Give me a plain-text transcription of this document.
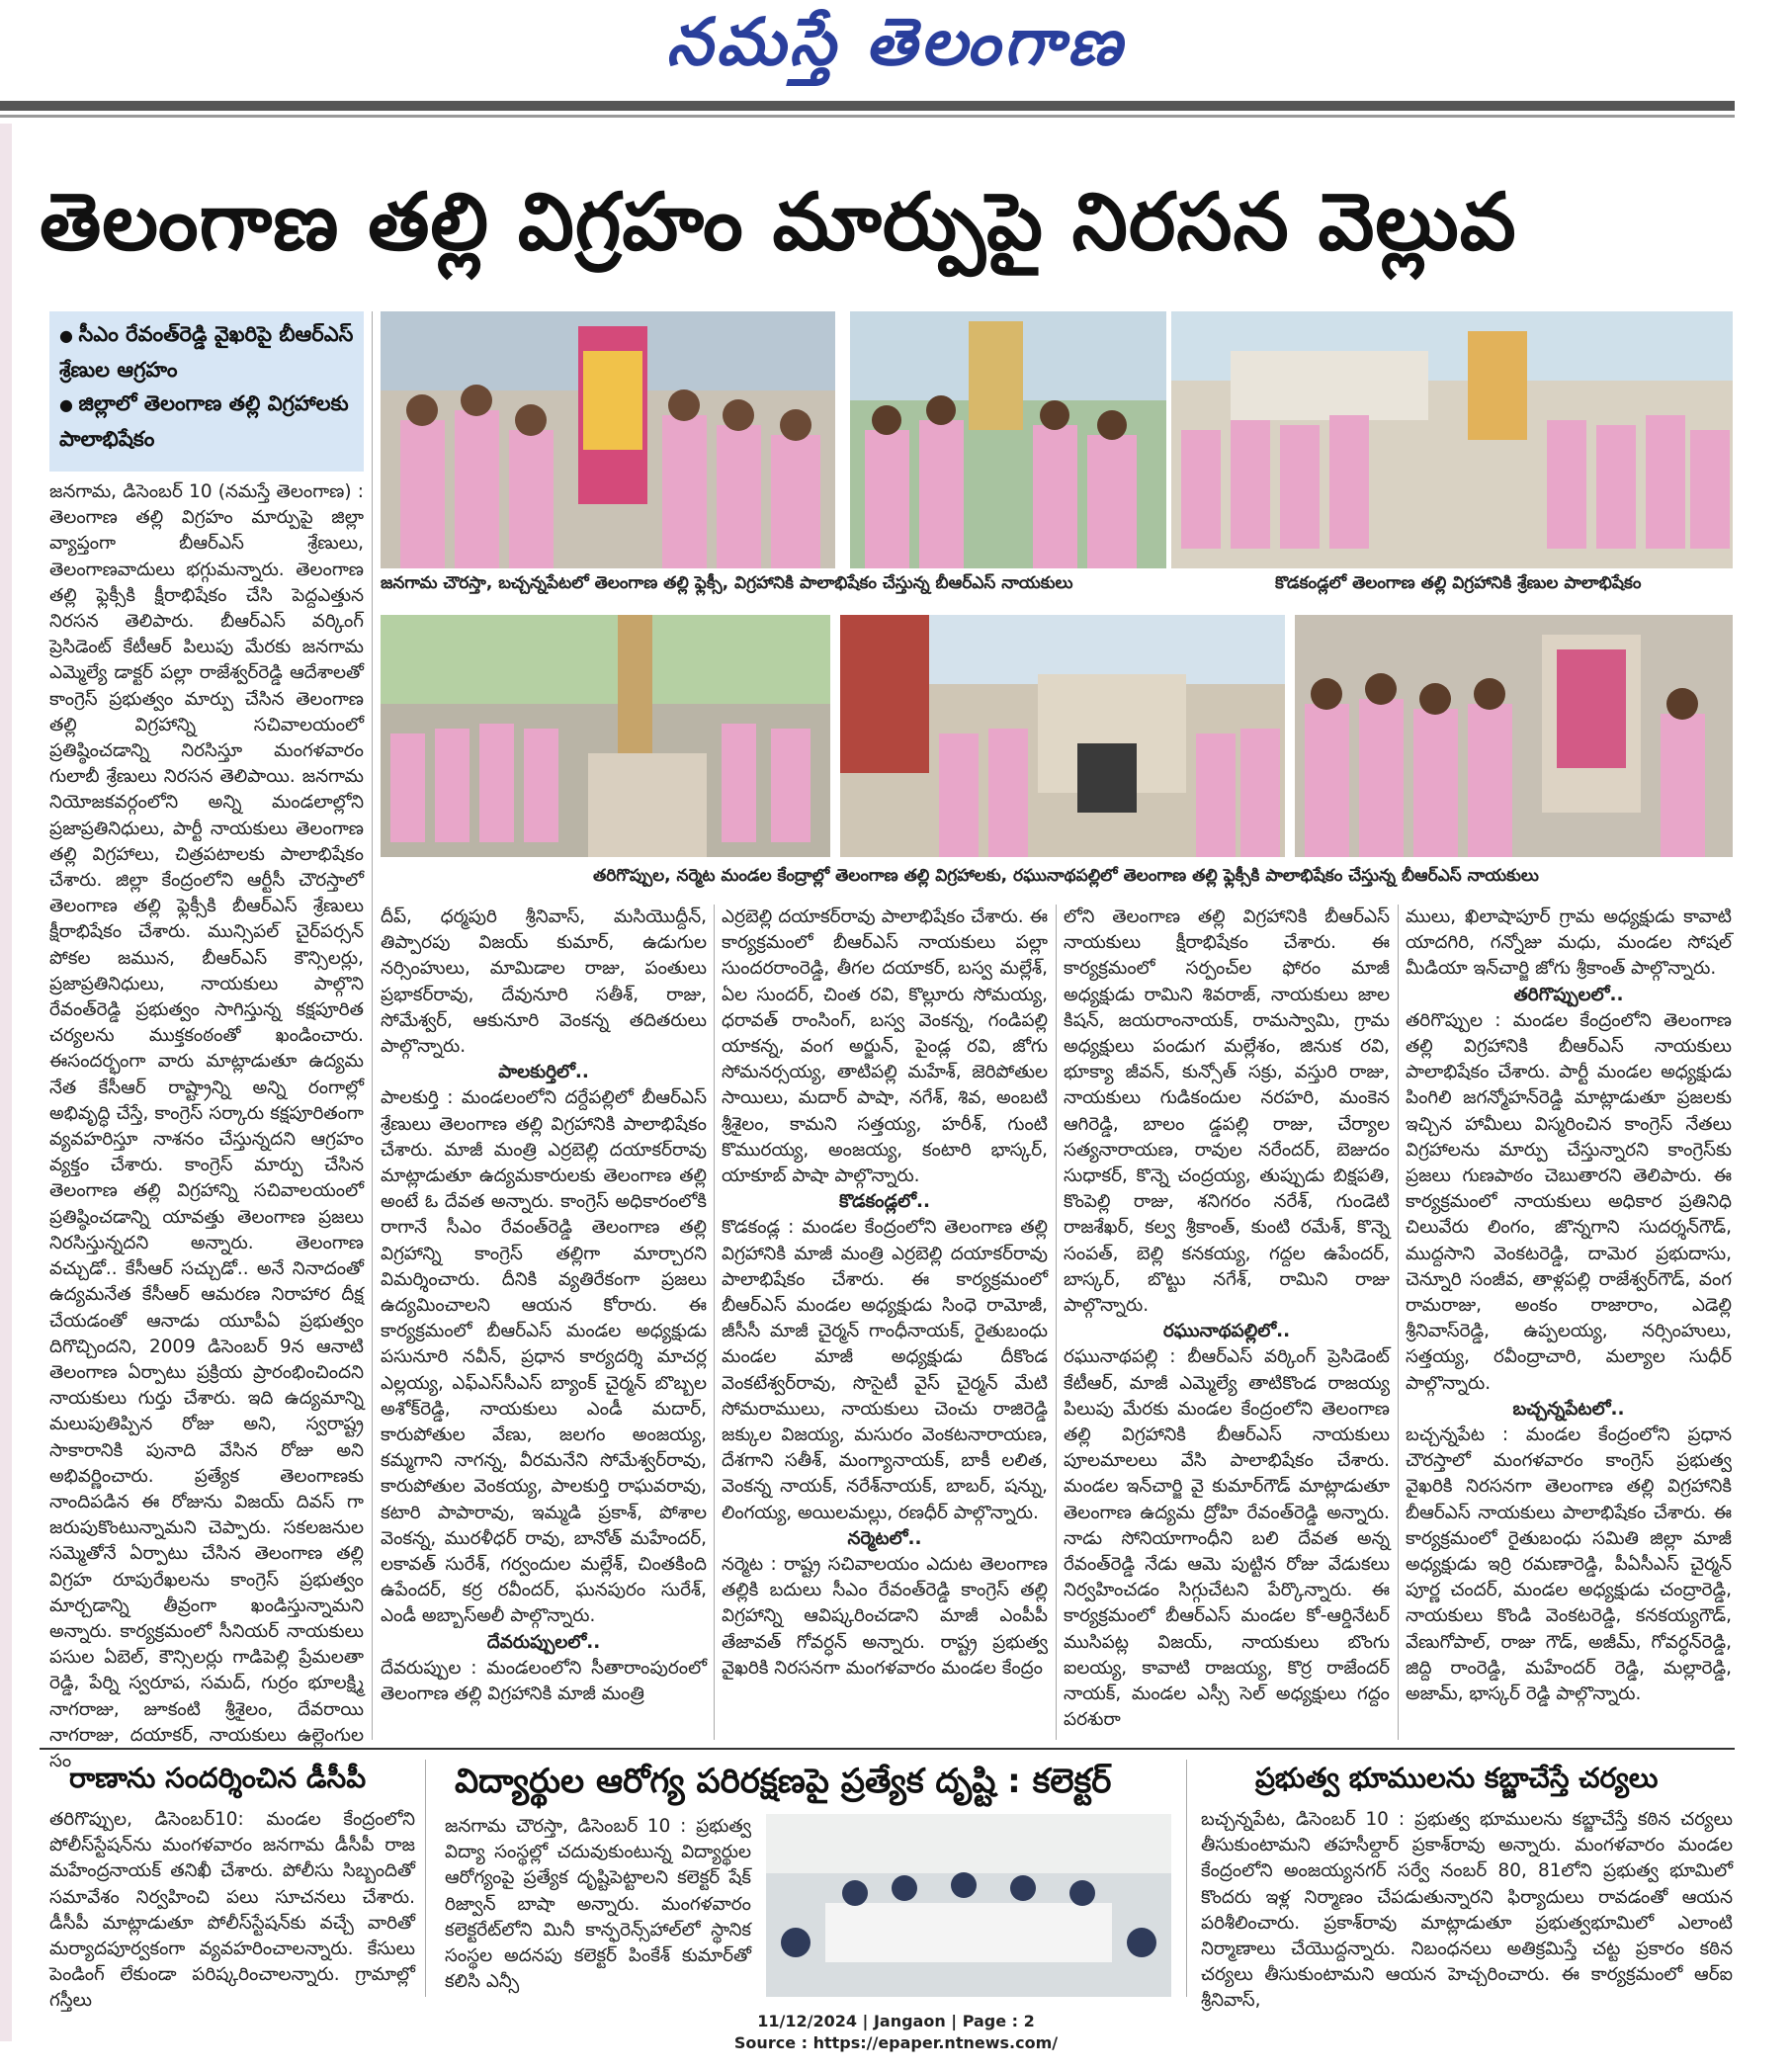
నమస్తే తెలంగాణ
తెలంగాణ తల్లి విగ్రహం మార్పుపై నిరసన వెల్లువ
● సీఎం రేవంత్‌రెడ్డి వైఖరిపై బీఆర్‌ఎస్‌ శ్రేణుల ఆగ్రహం
● జిల్లాలో తెలంగాణ తల్లి విగ్రహాలకు పాలాభిషేకం
జనగామ చౌరస్తా, బచ్చన్నపేటలో తెలంగాణ తల్లి ఫ్లెక్సీ, విగ్రహానికి పాలాభిషేకం చేస్తున్న బీఆర్‌ఎస్‌ నాయకులు	కొడకండ్లలో తెలంగాణ తల్లి విగ్రహానికి శ్రేణుల పాలాభిషేకం
తరిగొప్పుల, నర్మెట మండల కేంద్రాల్లో తెలంగాణ తల్లి విగ్రహాలకు, రఘునాథపల్లిలో తెలంగాణ తల్లి ఫ్లెక్సీకి పాలాభిషేకం చేస్తున్న బీఆర్‌ఎస్‌ నాయకులు

జనగామ, డిసెంబర్‌ 10 (నమస్తే తెలంగాణ) : తెలంగాణ తల్లి విగ్రహం మార్పుపై జిల్లా వ్యాప్తంగా బీఆర్‌ఎస్‌ శ్రేణులు, తెలంగాణవాదులు భగ్గుమన్నారు. తెలంగాణ తల్లి ఫ్లెక్సీకి క్షీరాభిషేకం చేసి పెద్దఎత్తున నిరసన తెలిపారు. బీఆర్‌ఎస్‌ వర్కింగ్‌ ప్రెసిడెంట్‌ కేటీఆర్‌ పిలుపు మేరకు జనగామ ఎమ్మెల్యే డాక్టర్‌ పల్లా రాజేశ్వర్‌రెడ్డి ఆదేశాలతో కాంగ్రెస్‌ ప్రభుత్వం మార్పు చేసిన తెలంగాణ తల్లి విగ్రహాన్ని సచివాలయంలో ప్రతిష్ఠించడాన్ని నిరసిస్తూ మంగళవారం గులాబీ శ్రేణులు నిరసన తెలిపాయి. జనగామ నియోజకవర్గంలోని అన్ని మండలాల్లోని ప్రజాప్రతినిధులు, పార్టీ నాయకులు తెలంగాణ తల్లి విగ్రహాలు, చిత్రపటాలకు పాలాభిషేకం చేశారు. జిల్లా కేంద్రంలోని ఆర్టీసీ చౌరస్తాలో తెలంగాణ తల్లి ఫ్లెక్సీకి బీఆర్‌ఎస్‌ శ్రేణులు క్షీరాభిషేకం చేశారు. మున్సిపల్‌ చైర్‌పర్సన్‌ పోకల జమున, బీఆర్‌ఎస్‌ కౌన్సిలర్లు, ప్రజాప్రతినిధులు, నాయకులు పాల్గొని రేవంత్‌రెడ్డి ప్రభుత్వం సాగిస్తున్న కక్షపూరిత చర్యలను ముక్తకంఠంతో ఖండించారు. ఈసందర్భంగా వారు మాట్లాడుతూ ఉద్యమ నేత కేసీఆర్‌ రాష్ట్రాన్ని అన్ని రంగాల్లో అభివృద్ధి చేస్తే, కాంగ్రెస్‌ సర్కారు కక్షపూరితంగా వ్యవహరిస్తూ నాశనం చేస్తున్నదని ఆగ్రహం వ్యక్తం చేశారు. కాంగ్రెస్‌ మార్పు చేసిన తెలంగాణ తల్లి విగ్రహాన్ని సచివాలయంలో ప్రతిష్ఠించడాన్ని యావత్తు తెలంగాణ ప్రజలు నిరసిస్తున్నదని అన్నారు. తెలంగాణ వచ్చుడో.. కేసీఆర్‌ సచ్చుడో.. అనే నినాదంతో ఉద్యమనేత కేసీఆర్‌ ఆమరణ నిరాహార దీక్ష చేయడంతో ఆనాడు యూపీఏ ప్రభుత్వం దిగొచ్చిందని, 2009 డిసెంబర్‌ 9న ఆనాటి తెలంగాణ ఏర్పాటు ప్రక్రియ ప్రారంభించిందని నాయకులు గుర్తు చేశారు. ఇది ఉద్యమాన్ని మలుపుతిప్పిన రోజు అని, స్వరాష్ట్ర సాకారానికి పునాది వేసిన రోజు అని అభివర్ణించారు. ప్రత్యేక తెలంగాణకు నాందిపడిన ఈ రోజును విజయ్‌ దివస్‌ గా జరుపుకొంటున్నామని చెప్పారు. సకలజనుల సమ్మెతోనే ఏర్పాటు చేసిన తెలంగాణ తల్లి విగ్రహ రూపురేఖలను కాంగ్రెస్‌ ప్రభుత్వం మార్చడాన్ని తీవ్రంగా ఖండిస్తున్నామని అన్నారు. కార్యక్రమంలో సీనియర్‌ నాయకులు పసుల ఏబెల్‌, కౌన్సిలర్లు గాడిపెల్లి ప్రేమలతా రెడ్డి, పేర్ని స్వరూప, సమద్‌, గుర్రం భూలక్ష్మి నాగరాజు, జూకంటి శ్రీశైలం, దేవరాయి నాగరాజు, దయాకర్‌, నాయకులు ఉల్లెంగుల సం

దీప్‌, ధర్మపురి శ్రీనివాస్‌, మసియొద్దీన్‌, తిప్పారపు విజయ్‌ కుమార్‌, ఉడుగుల నర్సింహులు, మామిడాల రాజు, పంతులు ప్రభాకర్‌రావు, దేవునూరి సతీశ్‌, రాజు, సోమేశ్వర్‌, ఆకునూరి వెంకన్న తదితరులు పాల్గొన్నారు.

పాలకుర్తిలో..

పాలకుర్తి : మండలంలోని దర్దేపల్లిలో బీఆర్‌ఎస్‌ శ్రేణులు తెలంగాణ తల్లి విగ్రహానికి పాలాభిషేకం చేశారు. మాజీ మంత్రి ఎర్రబెల్లి దయాకర్‌రావు మాట్లాడుతూ ఉద్యమకారులకు తెలంగాణ తల్లి అంటే ఓ దేవత అన్నారు. కాంగ్రెస్‌ అధికారంలోకి రాగానే సీఎం రేవంత్‌రెడ్డి తెలంగాణ తల్లి విగ్రహాన్ని కాంగ్రెస్‌ తల్లిగా మార్చారని విమర్శించారు. దీనికి వ్యతిరేకంగా ప్రజలు ఉద్యమించాలని ఆయన కోరారు. ఈ కార్యక్రమంలో బీఆర్‌ఎస్‌ మండల అధ్యక్షుడు పసునూరి నవీన్‌, ప్రధాన కార్యదర్శి మాచర్ల ఎల్లయ్య, ఎఫ్‌ఎస్‌సీఎస్‌ బ్యాంక్‌ చైర్మన్‌ బొబ్బల అశోక్‌రెడ్డి, నాయకులు ఎండీ మదార్‌, కారుపోతుల వేణు, జలగం అంజయ్య, కమ్మగాని నాగన్న, వీరమనేని సోమేశ్వర్‌రావు, కారుపోతుల వెంకయ్య, పాలకుర్తి రాఘవరావు, కటారి పాపారావు, ఇమ్మడి ప్రకాశ్‌, పోశాల వెంకన్న, మురళీధర్‌ రావు, బానోత్‌ మహేందర్‌, లకావత్‌ సురేశ్‌, గర్వందుల మల్లేశ్‌, చింతకింది ఉపేందర్‌, కర్ర రవీందర్‌, ఘనపురం సురేశ్‌, ఎండీ అబ్బాస్‌అలీ పాల్గొన్నారు.

దేవరుప్పులలో..

దేవరుప్పుల : మండలంలోని సీతారాంపురంలో తెలంగాణ తల్లి విగ్రహానికి మాజీ మంత్రి

ఎర్రబెల్లి దయాకర్‌రావు పాలాభిషేకం చేశారు. ఈ కార్యక్రమంలో బీఆర్‌ఎస్‌ నాయకులు పల్లా సుందరరాంరెడ్డి, తీగల దయాకర్‌, బస్వ మల్లేశ్‌, ఏల సుందర్‌, చింత రవి, కొల్లూరు సోమయ్య, ధరావత్‌ రాంసింగ్‌, బస్వ వెంకన్న, గండిపల్లి యాకన్న, వంగ అర్జున్‌, పైండ్ల రవి, జోగు సోమనర్సయ్య, తాటిపల్లి మహేశ్‌, జెరిపోతుల సాయిలు, మదార్‌ పాషా, నగేశ్‌, శివ, అంబటి శ్రీశైలం, కామని సత్తయ్య, హరీశ్‌, గుంటి కొమురయ్య, అంజయ్య, కంటారి భాస్కర్‌, యాకూబ్‌ పాషా పాల్గొన్నారు.

కొడకండ్లలో..

కొడకండ్ల : మండల కేంద్రంలోని తెలంగాణ తల్లి విగ్రహానికి మాజీ మంత్రి ఎర్రబెల్లి దయాకర్‌రావు పాలాభిషేకం చేశారు. ఈ కార్యక్రమంలో బీఆర్‌ఎస్‌ మండల అధ్యక్షుడు సింధె రామోజీ, జీసీసీ మాజీ చైర్మన్‌ గాంధీనాయక్‌, రైతుబంధు మండల మాజీ అధ్యక్షుడు దీకొండ వెంకటేశ్వర్‌రావు, సొసైటీ వైస్‌ చైర్మన్‌ మేటి సోమరాములు, నాయకులు చెంచు రాజిరెడ్డి జక్కుల విజయ్య, మసురం వెంకటనారాయణ, దేశగాని సతీశ్‌, మంగ్యానాయక్‌, బాకీ లలిత, వెంకన్న నాయక్‌, నరేశ్‌నాయక్‌, బాబర్‌, షన్ను, లింగయ్య, అయిలమల్లు, రణధీర్‌ పాల్గొన్నారు.

నర్మెటలో..

నర్మెట : రాష్ట్ర సచివాలయం ఎదుట తెలంగాణ తల్లికి బదులు సీఎం రేవంత్‌రెడ్డి కాంగ్రెస్‌ తల్లి విగ్రహాన్ని ఆవిష్కరించడాని మాజీ ఎంపీపీ తేజావత్‌ గోవర్ధన్‌ అన్నారు. రాష్ట్ర ప్రభుత్వ వైఖరికి నిరసనగా మంగళవారం మండల కేంద్రం

లోని తెలంగాణ తల్లి విగ్రహానికి బీఆర్‌ఎస్‌ నాయకులు క్షీరాభిషేకం చేశారు. ఈ కార్యక్రమంలో సర్పంచ్‌ల ఫోరం మాజీ అధ్యక్షుడు రామిని శివరాజ్‌, నాయకులు జాల కిషన్‌, జయరాంనాయక్‌, రామస్వామి, గ్రామ అధ్యక్షులు పండుగ మల్లేశం, జినుక రవి, భూక్యా జీవన్‌, కున్సోత్‌ సక్రు, వస్తురి రాజు, నాయకులు గుడికందుల నరహరి, మంకెన ఆగిరెడ్డి, బాలం డ్డపల్లి రాజు, చేర్యాల సత్యనారాయణ, రావుల నరేందర్‌, బెజుదం సుధాకర్‌, కొన్నె చంద్రయ్య, తుప్పుడు బిక్షపతి, కొంపెల్లి రాజు, శనిగరం నరేశ్‌, గుండెటి రాజశేఖర్‌, కల్వ శ్రీకాంత్‌, కుంటి రమేశ్‌, కొన్నె సంపత్‌, బెల్లి కనకయ్య, గద్దల ఉపేందర్‌, బాస్కర్‌, బొట్టు నగేశ్‌, రామిని రాజు పాల్గొన్నారు.

రఘునాథపల్లిలో..

రఘునాథపల్లి : బీఆర్‌ఎస్‌ వర్కింగ్‌ ప్రెసిడెంట్‌ కేటీఆర్‌, మాజీ ఎమ్మెల్యే తాటికొండ రాజయ్య పిలుపు మేరకు మండల కేంద్రంలోని తెలంగాణ తల్లి విగ్రహానికి బీఆర్‌ఎస్‌ నాయకులు పూలమాలలు వేసి పాలాభిషేకం చేశారు. మండల ఇన్‌చార్జి వై కుమార్‌గౌడ్‌ మాట్లాడుతూ తెలంగాణ ఉద్యమ ద్రోహి రేవంత్‌రెడ్డి అన్నారు. నాడు సోనియాగాంధీని బలి దేవత అన్న రేవంత్‌రెడ్డి నేడు ఆమె పుట్టిన రోజు వేడుకలు నిర్వహించడం సిగ్గుచేటని పేర్కొన్నారు. ఈ కార్యక్రమంలో బీఆర్‌ఎస్‌ మండల కో-ఆర్డినేటర్‌ ముసిపట్ల విజయ్‌, నాయకులు బొంగు ఐలయ్య, కావాటి రాజయ్య, కొర్ర రాజేందర్‌ నాయక్‌, మండల ఎస్సీ సెల్‌ అధ్యక్షులు గద్దం పరశురా

ములు, ఖిలాషాపూర్‌ గ్రామ అధ్యక్షుడు కావాటి యాదగిరి, గన్నోజు మధు, మండల సోషల్‌ మీడియా ఇన్‌చార్జి జోగు శ్రీకాంత్‌ పాల్గొన్నారు.

తరిగొప్పులలో..

తరిగొప్పుల : మండల కేంద్రంలోని తెలంగాణ తల్లి విగ్రహానికి బీఆర్‌ఎస్‌ నాయకులు పాలాభిషేకం చేశారు. పార్టీ మండల అధ్యక్షుడు పింగిలి జగన్మోహన్‌రెడ్డి మాట్లాడుతూ ప్రజలకు ఇచ్చిన హామీలు విస్మరించిన కాంగ్రెస్‌ నేతలు విగ్రహాలను మార్పు చేస్తున్నారని కాంగ్రెస్‌కు ప్రజలు గుణపాఠం చెబుతారని తెలిపారు. ఈ కార్యక్రమంలో నాయకులు అధికార ప్రతినిధి చిలువేరు లింగం, జొన్నగాని సుదర్శన్‌గౌడ్‌, ముద్దసాని వెంకటరెడ్డి, దామెర ప్రభుదాసు, చెన్నూరి సంజీవ, తాళ్లపల్లి రాజేశ్వర్‌గౌడ్‌, వంగ రామరాజు, అంకం రాజారాం, ఎడెల్లి శ్రీనివాస్‌రెడ్డి, ఉప్పలయ్య, నర్సింహులు, సత్తయ్య, రవీంద్రాచారి, మల్యాల సుధీర్‌ పాల్గొన్నారు.

బచ్చన్నపేటలో..

బచ్చన్నపేట : మండల కేంద్రంలోని ప్రధాన చౌరస్తాలో మంగళవారం కాంగ్రెస్‌ ప్రభుత్వ వైఖరికి నిరసనగా తెలంగాణ తల్లి విగ్రహానికి బీఆర్‌ఎస్‌ నాయకులు పాలాభిషేకం చేశారు. ఈ కార్యక్రమంలో రైతుబంధు సమితి జిల్లా మాజీ అధ్యక్షుడు ఇర్రి రమణారెడ్డి, పీఏసీఎస్‌ చైర్మన్‌ పూర్ణ చందర్‌, మండల అధ్యక్షుడు చంద్రారెడ్డి, నాయకులు కొండి వెంకటరెడ్డి, కనకయ్యగౌడ్‌, వేణుగోపాల్‌, రాజు గౌడ్‌, అజీమ్‌, గోవర్ధన్‌రెడ్డి, జిద్ది రాంరెడ్డి, మహేందర్‌ రెడ్డి, మల్లారెడ్డి, అజామ్‌, భాస్కర్‌ రెడ్డి పాల్గొన్నారు.

రాణాను సందర్శించిన డీసీపీ

తరిగొప్పుల, డిసెంబర్‌10: మండల కేంద్రంలోని పోలీస్‌స్టేషన్‌ను మంగళవారం జనగామ డీసీపీ రాజ మహేంద్రనాయక్‌ తనిఖీ చేశారు. పోలీసు సిబ్బందితో సమావేశం నిర్వహించి పలు సూచనలు చేశారు. డీసీపీ మాట్లాడుతూ పోలీస్‌స్టేషన్‌కు వచ్చే వారితో మర్యాదపూర్వకంగా వ్యవహరించాలన్నారు. కేసులు పెండింగ్‌ లేకుండా పరిష్కరించాలన్నారు. గ్రామాల్లో గస్తీలు

విద్యార్థుల ఆరోగ్య పరిరక్షణపై ప్రత్యేక దృష్టి : కలెక్టర్‌

జనగామ చౌరస్తా, డిసెంబర్‌ 10 : ప్రభుత్వ విద్యా సంస్థల్లో చదువుకుంటున్న విద్యార్థుల ఆరోగ్యంపై ప్రత్యేక దృష్టిపెట్టాలని కలెక్టర్‌ షేక్‌ రిజ్వాన్‌ బాషా అన్నారు. మంగళవారం కలెక్టరేట్‌లోని మినీ కాన్ఫరెన్స్‌హాల్‌లో స్థానిక సంస్థల అదనపు కలెక్టర్‌ పింకేశ్‌ కుమార్‌తో కలిసి ఎన్సీ

ప్రభుత్వ భూములను కబ్జాచేస్తే చర్యలు

బచ్చన్నపేట, డిసెంబర్‌ 10 : ప్రభుత్వ భూములను కబ్జాచేస్తే కఠిన చర్యలు తీసుకుంటామని తహసీల్దార్‌ ప్రకాశ్‌రావు అన్నారు. మంగళవారం మండల కేంద్రంలోని అంజయ్యనగర్‌ సర్వే నంబర్‌ 80, 81లోని ప్రభుత్వ భూమిలో కొందరు ఇళ్ల నిర్మాణం చేపడుతున్నారని ఫిర్యాదులు రావడంతో ఆయన పరిశీలించారు. ప్రకాశ్‌రావు మాట్లాడుతూ ప్రభుత్వభూమిలో ఎలాంటి నిర్మాణాలు చేయొద్దన్నారు. నిబంధనలు అతిక్రమిస్తే చట్ట ప్రకారం కఠిన చర్యలు తీసుకుంటామని ఆయన హెచ్చరించారు. ఈ కార్యక్రమంలో ఆర్‌ఐ శ్రీనివాస్‌,

11/12/2024 | Jangaon | Page : 2
Source : https://epaper.ntnews.com/
